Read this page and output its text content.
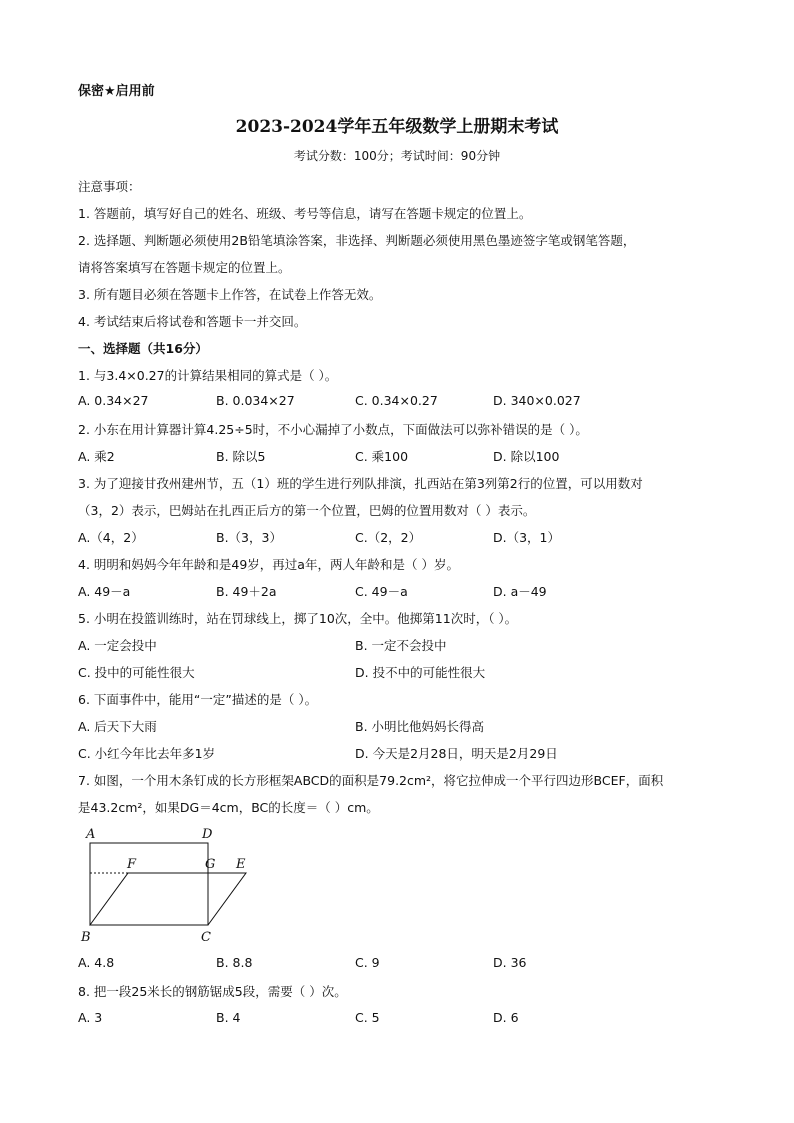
保密★启用前
2023-2024学年五年级数学上册期末考试
考试分数：100分；考试时间：90分钟
注意事项：
1. 答题前，填写好自己的姓名、班级、考号等信息，请写在答题卡规定的位置上。
2. 选择题、判断题必须使用2B铅笔填涂答案，非选择、判断题必须使用黑色墨迹签字笔或钢笔答题，
请将答案填写在答题卡规定的位置上。
3. 所有题目必须在答题卡上作答，在试卷上作答无效。
4. 考试结束后将试卷和答题卡一并交回。
一、选择题（共16分）
1. 与3.4×0.27的计算结果相同的算式是（ ）。
A. 0.34×27	B. 0.034×27	C. 0.34×0.27	D. 340×0.027
2. 小东在用计算器计算4.25÷5时，不小心漏掉了小数点，下面做法可以弥补错误的是（ ）。
A. 乘2	B. 除以5	C. 乘100	D. 除以100
3. 为了迎接甘孜州建州节，五（1）班的学生进行列队排演，扎西站在第3列第2行的位置，可以用数对
（3，2）表示，巴姆站在扎西正后方的第一个位置，巴姆的位置用数对（ ）表示。
A.（4，2）	B.（3，3）	C.（2，2）	D.（3，1）
4. 明明和妈妈今年年龄和是49岁，再过a年，两人年龄和是（ ）岁。
A. 49－a	B. 49＋2a	C. 49－a	D. a－49
5. 小明在投篮训练时，站在罚球线上，掷了10次，全中。他掷第11次时，（ ）。
A. 一定会投中	B. 一定不会投中
C. 投中的可能性很大	D. 投不中的可能性很大
6. 下面事件中，能用“一定”描述的是（ ）。
A. 后天下大雨	B. 小明比他妈妈长得高
C. 小红今年比去年多1岁	D. 今天是2月28日，明天是2月29日
7. 如图，一个用木条钉成的长方形框架ABCD的面积是79.2cm²，将它拉伸成一个平行四边形BCEF，面积
是43.2cm²，如果DG＝4cm，BC的长度＝（ ）cm。
A	D
F	G E
B	C
A. 4.8	B. 8.8	C. 9	D. 36
8. 把一段25米长的钢筋锯成5段，需要（ ）次。
A. 3	B. 4	C. 5	D. 6
